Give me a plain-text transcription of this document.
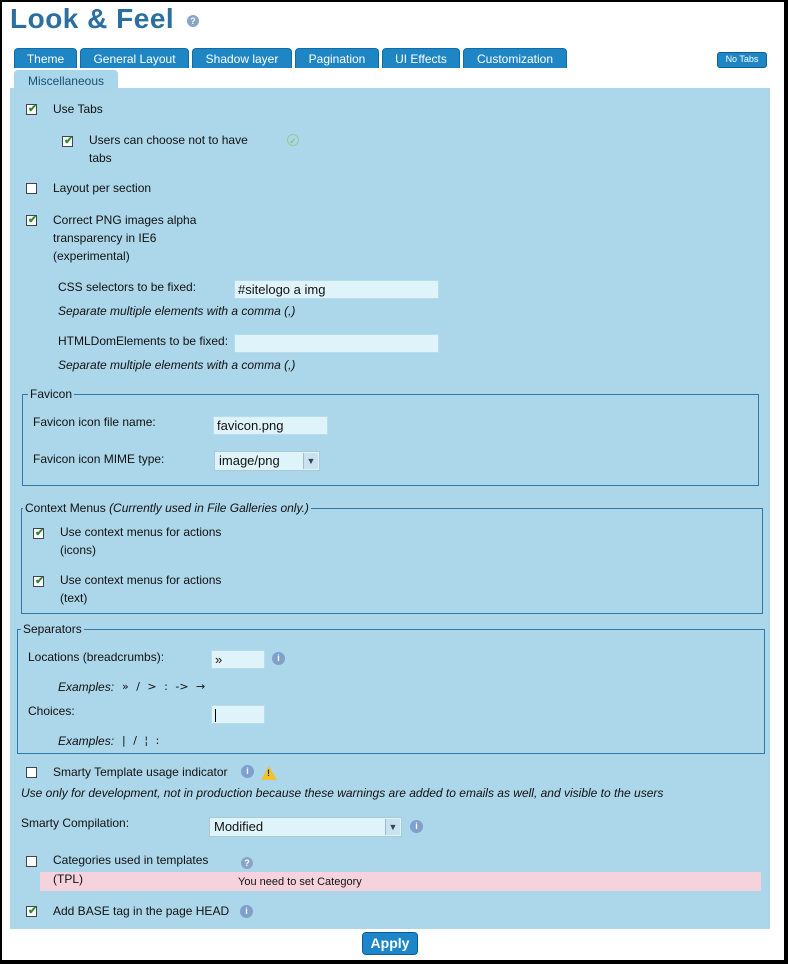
Look & Feel	?
Theme	General Layout	Shadow layer	Pagination	UI Effects	Customization	No Tabs
Miscellaneous
✔ Use Tabs
✔ Users can choose not to have
tabs
✓
Layout per section
✔ Correct PNG images alpha
transparency in IE6
(experimental)
CSS selectors to be fixed:	#sitelogo a img
Separate multiple elements with a comma (,)
HTMLDomElements to be fixed:
Separate multiple elements with a comma (,)
Favicon
Favicon icon file name:	favicon.png
Favicon icon MIME type:	image/png	▼
Context Menus (Currently used in File Galleries only.)
✔ Use context menus for actions
(icons)
✔ Use context menus for actions
(text)
Separators
Locations (breadcrumbs):	»	i
Examples: » / > : -> →
Choices:
Examples: | / ¦ :
Smarty Template usage indicator	i	!
Use only for development, not in production because these warnings are added to emails as well, and visible to the users
Smarty Compilation:	Modified	▼	i
Categories used in templates	?
(TPL)	You need to set Category
✔ Add BASE tag in the page HEAD	i
Apply
